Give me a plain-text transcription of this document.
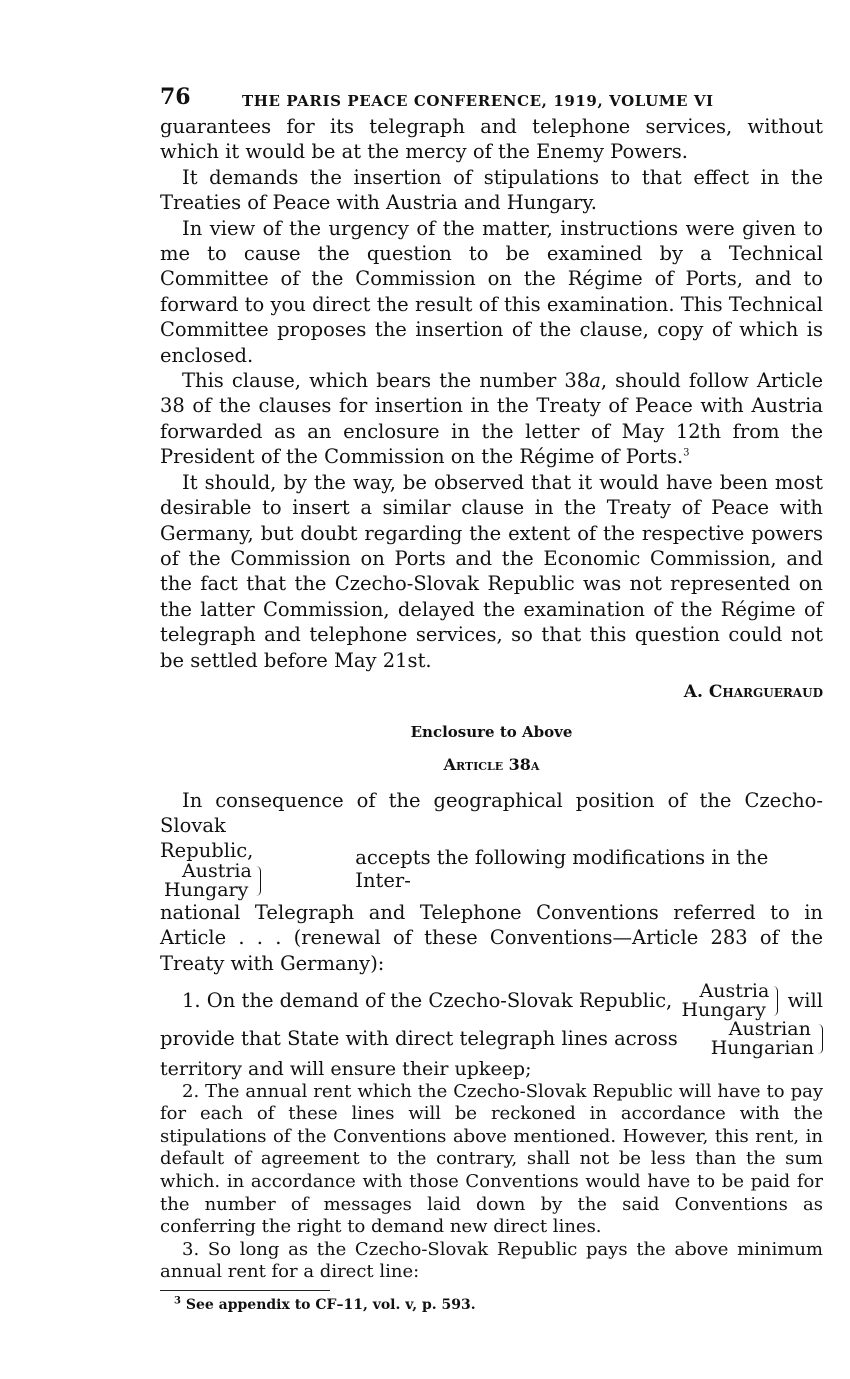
76	THE PARIS PEACE CONFERENCE, 1919, VOLUME VI

guarantees for its telegraph and telephone services, without which it would be at the mercy of the Enemy Powers.

It demands the insertion of stipulations to that effect in the Treaties of Peace with Austria and Hungary.

In view of the urgency of the matter, instructions were given to me to cause the question to be examined by a Technical Committee of the Commission on the Régime of Ports, and to forward to you direct the result of this examination. This Technical Committee proposes the insertion of the clause, copy of which is enclosed.

This clause, which bears the number 38a, should follow Article 38 of the clauses for insertion in the Treaty of Peace with Austria forwarded as an enclosure in the letter of May 12th from the President of the Commission on the Régime of Ports.$^3$

It should, by the way, be observed that it would have been most desirable to insert a similar clause in the Treaty of Peace with Germany, but doubt regarding the extent of the respective powers of the Commission on Ports and the Economic Commission, and the fact that the Czecho-Slovak Republic was not represented on the latter Commission, delayed the examination of the Régime of telegraph and telephone services, so that this question could not be settled before May 21st.

A. Chargueraud
Enclosure to Above
Article 38a

In consequence of the geographical position of the Czecho-Slovak

Republic,
Austria
Hungary
accepts the following modifications in the Inter-

national Telegraph and Telephone Conventions referred to in Article . . . (renewal of these Conventions—Article 283 of the Treaty with Germany):

1. On the demand of the Czecho-Slovak Republic,	Austria
Hungary will
provide that State with direct telegraph lines across	Austrian
Hungarian

territory and will ensure their upkeep;

2. The annual rent which the Czecho-Slovak Republic will have to pay for each of these lines will be reckoned in accordance with the stipulations of the Conventions above mentioned. However, this rent, in default of agreement to the contrary, shall not be less than the sum which. in accordance with those Conventions would have to be paid for the number of messages laid down by the said Conventions as conferring the right to demand new direct lines.

3. So long as the Czecho-Slovak Republic pays the above minimum annual rent for a direct line:

$^3$ See appendix to CF–11, vol. v, p. 593.
